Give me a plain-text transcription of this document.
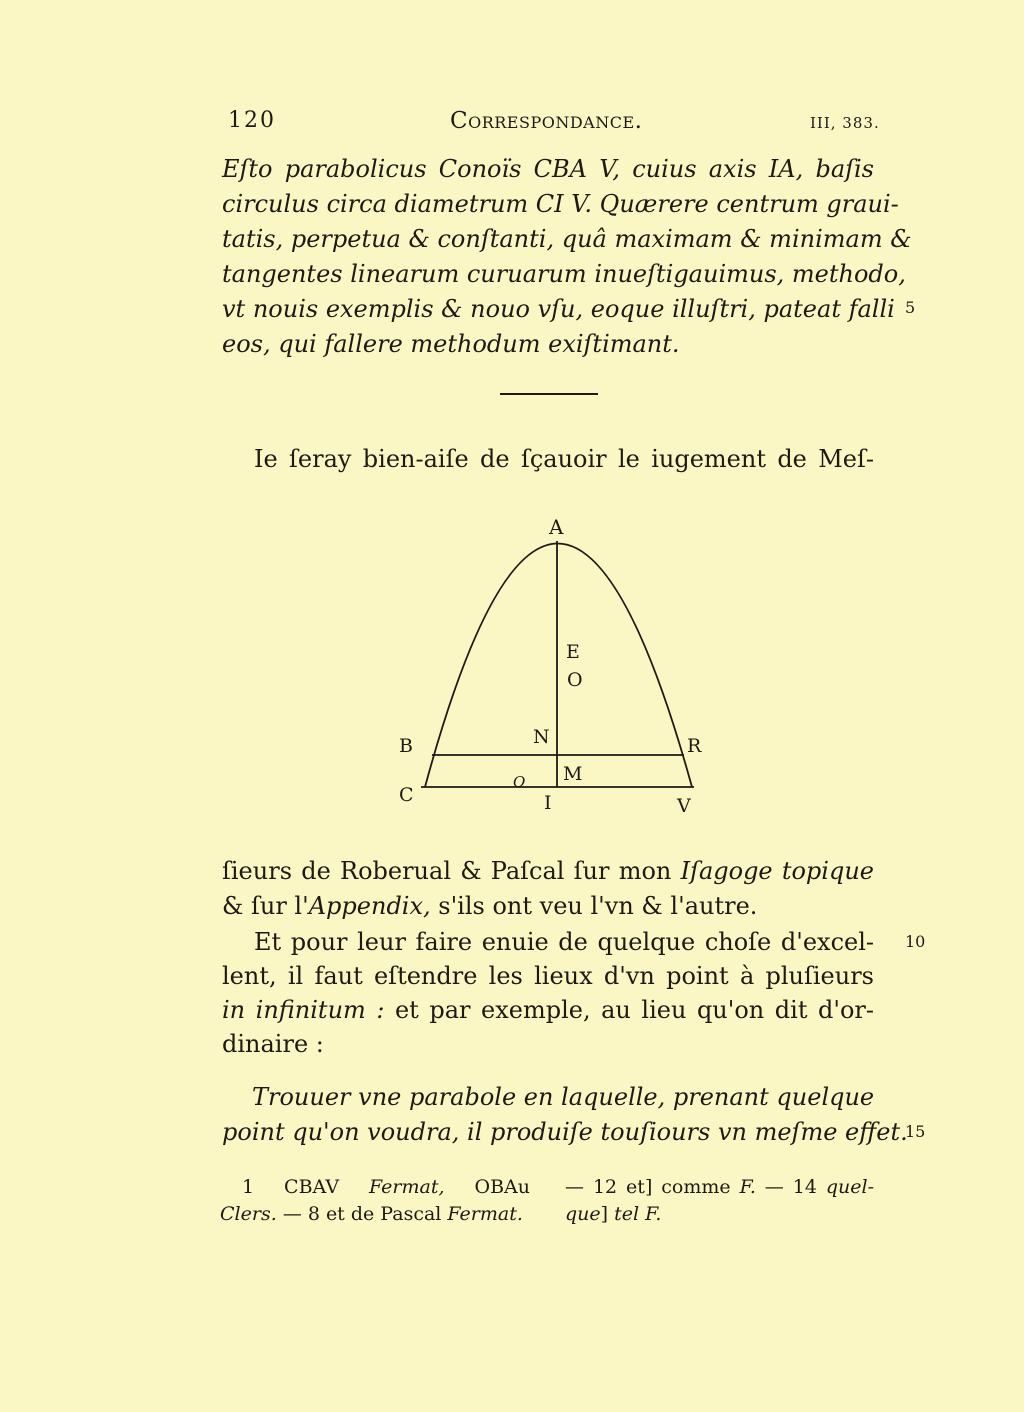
120	Correspondance.	III, 383.
Eſto parabolicus Conoïs CBA V, cuius axis IA, baſis
circulus circa diametrum CI V. Quærere centrum graui-
tatis, perpetua & conſtanti, quâ maximam & minimam &
tangentes linearum curuarum inueſtigauimus, methodo,
vt nouis exemplis & nouo vſu, eoque illuſtri, pateat falli
eos, qui fallere methodum exiſtimant.
5
Ie ſeray bien-aiſe de ſçauoir le iugement de Meſ-
A
E
O
B	N	R
M
C
O
I	V
ſieurs de Roberual & Paſcal ſur mon Iſagoge topique
& ſur l'Appendix, s'ils ont veu l'vn & l'autre.
Et pour leur faire enuie de quelque choſe d'excel-
lent, il faut eſtendre les lieux d'vn point à pluſieurs
in infinitum : et par exemple, au lieu qu'on dit d'or-
dinaire :
10
Trouuer vne parabole en laquelle, prenant quelque
point qu'on voudra, il produiſe touſiours vn meſme effet.
15
1 CBAV Fermat, OBAu
Clers. — 8 et de Pascal Fermat.
— 12 et] comme F. — 14 quel-
que] tel F.
